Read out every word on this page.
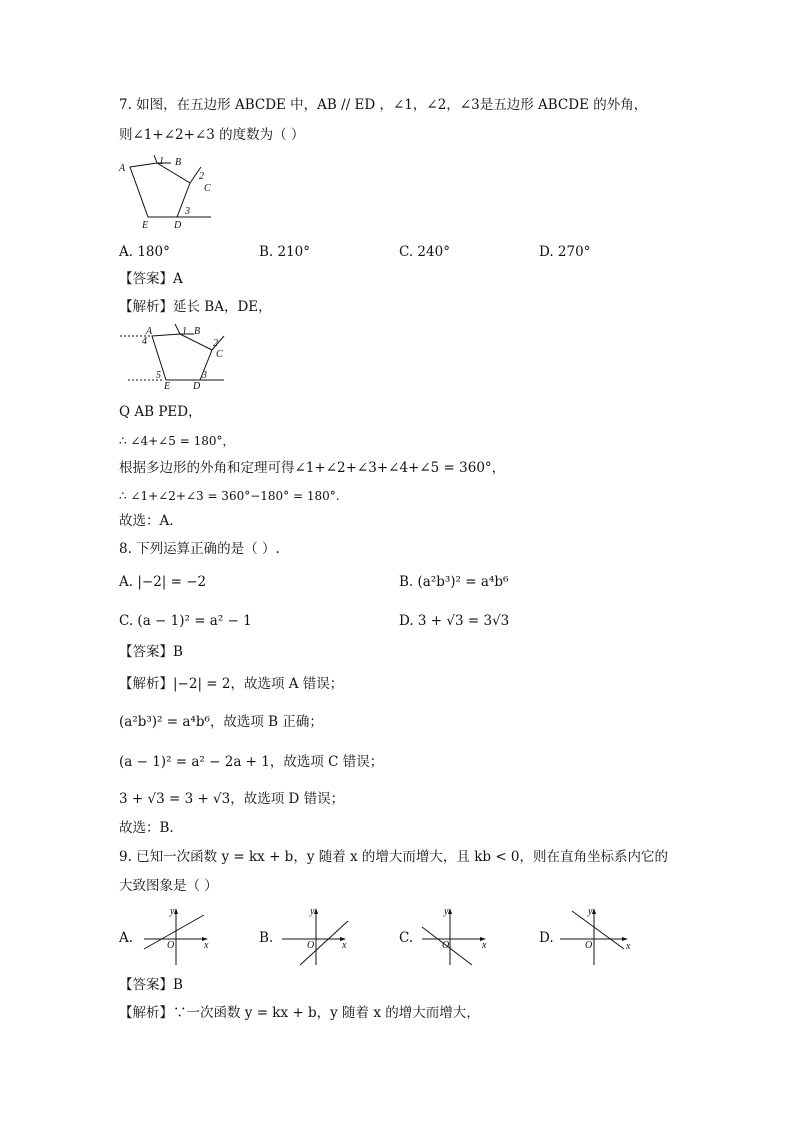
7. 如图，在五边形 ABCDE 中，AB // ED ，∠1，∠2，∠3是五边形 ABCDE 的外角，
则∠1+∠2+∠3 的度数为（ ）
A
B
C
D
E
1
2
3
A. 180°	B. 210°	C. 240°	D. 270°
【答案】A
【解析】延长 BA，DE，
A	B
C
D
E
1
2
3
4
5
Q AB PED，
∴ ∠4+∠5 = 180°，
根据多边形的外角和定理可得∠1+∠2+∠3+∠4+∠5 = 360°，
∴ ∠1+∠2+∠3 = 360°−180° = 180°.
故选：A.
8. 下列运算正确的是（ ）.
A. |−2| = −2	B. (a²b³)² = a⁴b⁶
C. (a − 1)² = a² − 1	D. 3 + √3 = 3√3
【答案】B
【解析】|−2| = 2，故选项 A 错误；
(a²b³)² = a⁴b⁶，故选项 B 正确；
(a − 1)² = a² − 2a + 1，故选项 C 错误；
3 + √3 = 3 + √3，故选项 D 错误；
故选：B.
9. 已知一次函数 y = kx + b，y 随着 x 的增大而增大，且 kb < 0，则在直角坐标系内它的
大致图象是（ ）
A.
y
x
O	B.
y
x
O	C.
y
x
O	D.
y
x
O
【答案】B
【解析】∵一次函数 y = kx + b，y 随着 x 的增大而增大，
